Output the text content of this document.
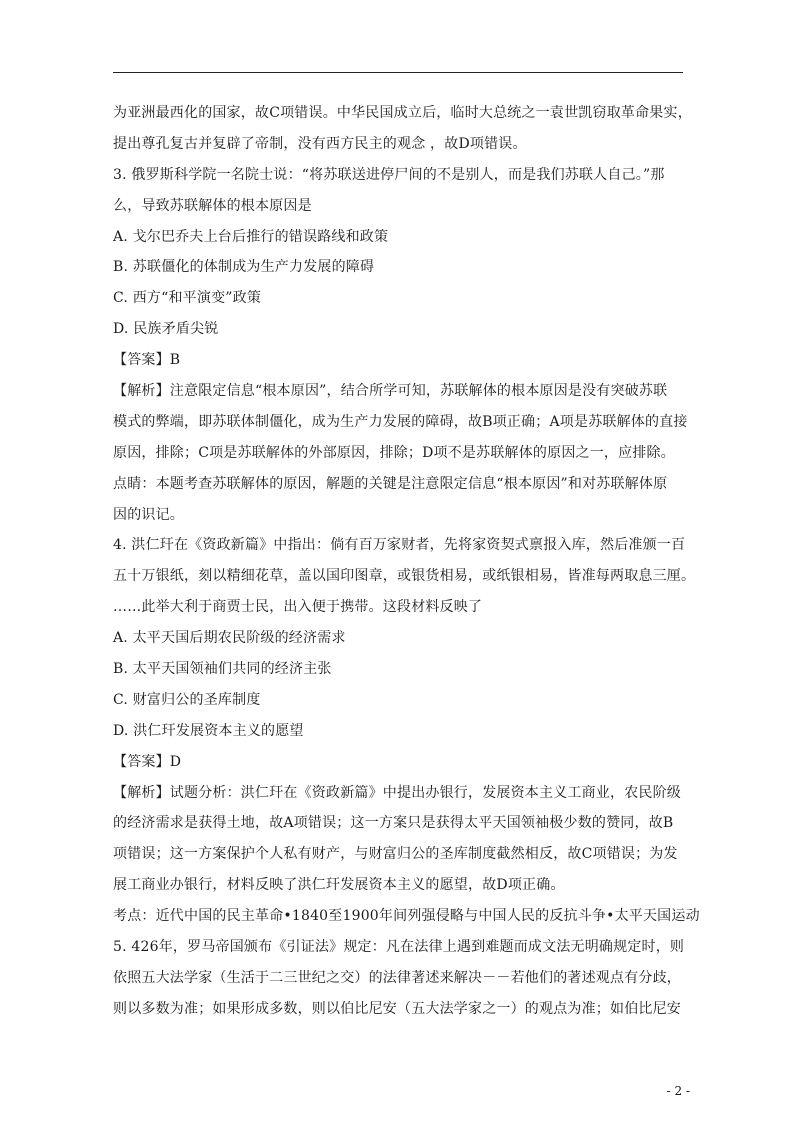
为亚洲最西化的国家，故C项错误。中华民国成立后，临时大总统之一袁世凯窃取革命果实，
提出尊孔复古并复辟了帝制，没有西方民主的观念 ，故D项错误。
3. 俄罗斯科学院一名院士说：“将苏联送进停尸间的不是别人，而是我们苏联人自己。”那
么，导致苏联解体的根本原因是
A. 戈尔巴乔夫上台后推行的错误路线和政策
B. 苏联僵化的体制成为生产力发展的障碍
C. 西方“和平演变”政策
D. 民族矛盾尖锐
【答案】B
【解析】注意限定信息“根本原因”，结合所学可知，苏联解体的根本原因是没有突破苏联
模式的弊端，即苏联体制僵化，成为生产力发展的障碍，故B项正确；A项是苏联解体的直接
原因，排除；C项是苏联解体的外部原因，排除；D项不是苏联解体的原因之一，应排除。
点睛：本题考查苏联解体的原因，解题的关键是注意限定信息“根本原因”和对苏联解体原
因的识记。
4. 洪仁玕在《资政新篇》中指出：倘有百万家财者，先将家资契式禀报入库，然后准颁一百
五十万银纸，刻以精细花草，盖以国印图章，或银货相易，或纸银相易，皆准每两取息三厘。
……此举大利于商贾士民，出入便于携带。这段材料反映了
A. 太平天国后期农民阶级的经济需求
B. 太平天国领袖们共同的经济主张
C. 财富归公的圣库制度
D. 洪仁玕发展资本主义的愿望
【答案】D
【解析】试题分析：洪仁玕在《资政新篇》中提出办银行，发展资本主义工商业，农民阶级
的经济需求是获得土地，故A项错误；这一方案只是获得太平天国领袖极少数的赞同，故B
项错误；这一方案保护个人私有财产，与财富归公的圣库制度截然相反，故C项错误；为发
展工商业办银行，材料反映了洪仁玕发展资本主义的愿望，故D项正确。
考点：近代中国的民主革命•1840至1900年间列强侵略与中国人民的反抗斗争•太平天国运动
5. 426年，罗马帝国颁布《引证法》规定：凡在法律上遇到难题而成文法无明确规定时，则
依照五大法学家（生活于二三世纪之交）的法律著述来解决－－若他们的著述观点有分歧，
则以多数为准；如果形成多数，则以伯比尼安（五大法学家之一）的观点为准；如伯比尼安
- 2 -
